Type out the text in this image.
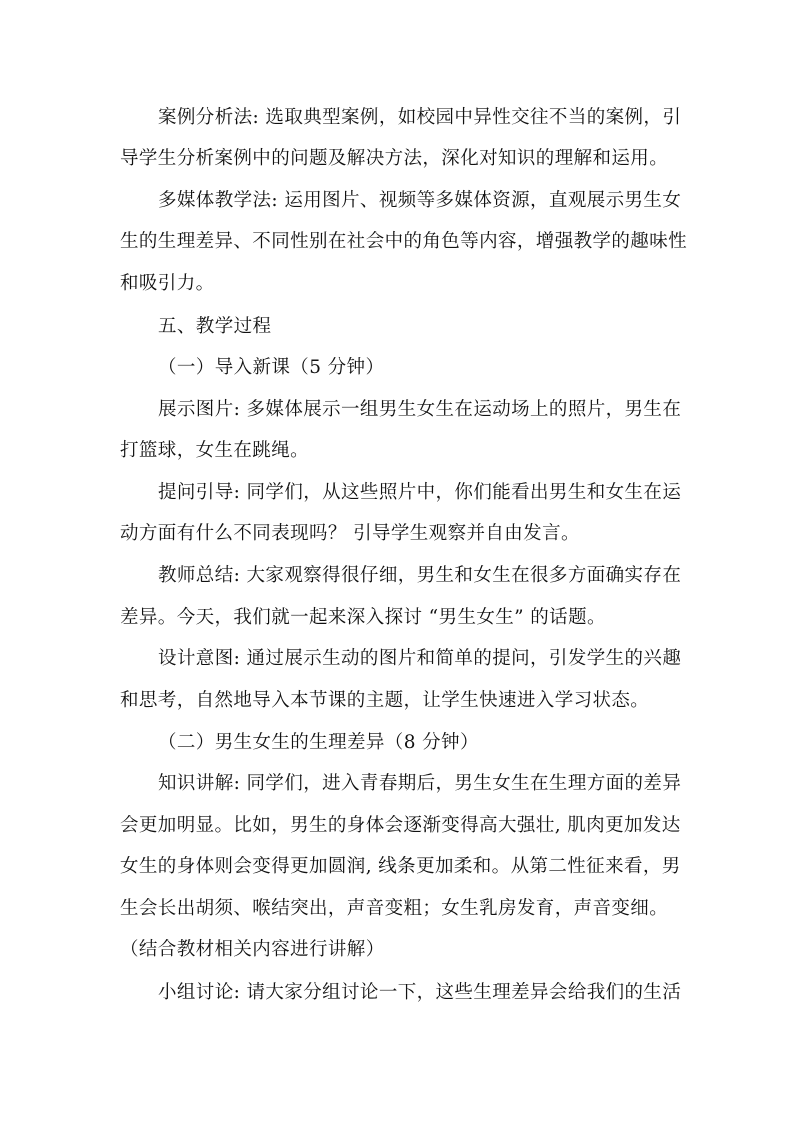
案例分析法: 选取典型案例，如校园中异性交往不当的案例，引
导学生分析案例中的问题及解决方法，深化对知识的理解和运用。
多媒体教学法: 运用图片、视频等多媒体资源，直观展示男生女
生的生理差异、不同性别在社会中的角色等内容，增强教学的趣味性
和吸引力。
五、教学过程
（一）导入新课（5 分钟）
展示图片: 多媒体展示一组男生女生在运动场上的照片，男生在
打篮球，女生在跳绳。
提问引导: 同学们，从这些照片中，你们能看出男生和女生在运
动方面有什么不同表现吗？ 引导学生观察并自由发言。
教师总结: 大家观察得很仔细，男生和女生在很多方面确实存在
差异。今天，我们就一起来深入探讨 “男生女生” 的话题。
设计意图: 通过展示生动的图片和简单的提问，引发学生的兴趣
和思考，自然地导入本节课的主题，让学生快速进入学习状态。
（二）男生女生的生理差异（8 分钟）
知识讲解: 同学们，进入青春期后，男生女生在生理方面的差异
会更加明显。比如，男生的身体会逐渐变得高大强壮, 肌肉更加发达
女生的身体则会变得更加圆润, 线条更加柔和。从第二性征来看，男
生会长出胡须、喉结突出，声音变粗；女生乳房发育，声音变细。
（结合教材相关内容进行讲解）
小组讨论: 请大家分组讨论一下，这些生理差异会给我们的生活
